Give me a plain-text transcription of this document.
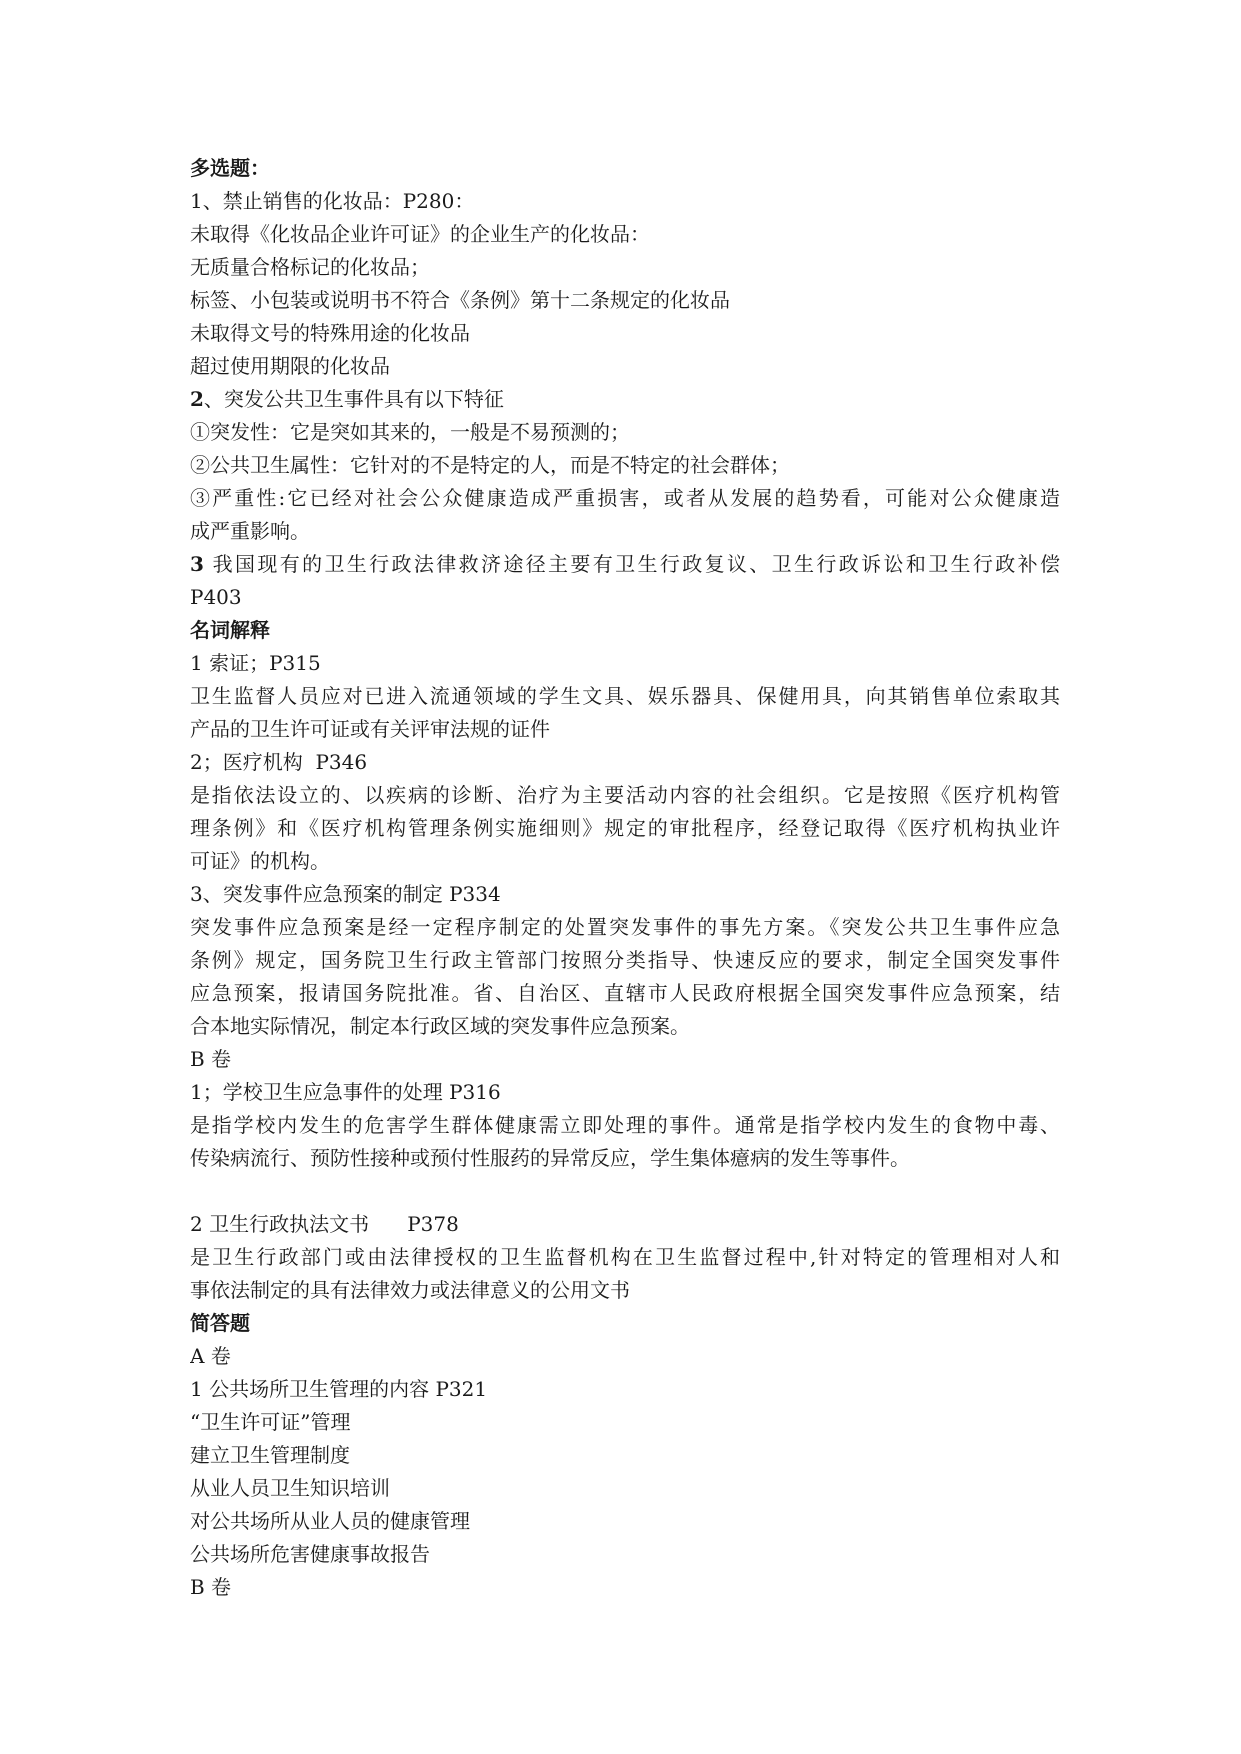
多选题：
1、禁止销售的化妆品：P280：
未取得《化妆品企业许可证》的企业生产的化妆品：
无质量合格标记的化妆品；
标签、小包装或说明书不符合《条例》第十二条规定的化妆品
未取得文号的特殊用途的化妆品
超过使用期限的化妆品
2、突发公共卫生事件具有以下特征
①突发性：它是突如其来的，一般是不易预测的；
②公共卫生属性：它针对的不是特定的人，而是不特定的社会群体；
③严重性:它已经对社会公众健康造成严重损害，或者从发展的趋势看，可能对公众健康造
成严重影响。
3 我国现有的卫生行政法律救济途径主要有卫生行政复议、卫生行政诉讼和卫生行政补偿
P403
名词解释
1 索证；P315
卫生监督人员应对已进入流通领域的学生文具、娱乐器具、保健用具，向其销售单位索取其
产品的卫生许可证或有关评审法规的证件
2；医疗机构  P346
是指依法设立的、以疾病的诊断、治疗为主要活动内容的社会组织。它是按照《医疗机构管
理条例》和《医疗机构管理条例实施细则》规定的审批程序，经登记取得《医疗机构执业许
可证》的机构。
3、突发事件应急预案的制定 P334
突发事件应急预案是经一定程序制定的处置突发事件的事先方案。《突发公共卫生事件应急
条例》规定，国务院卫生行政主管部门按照分类指导、快速反应的要求，制定全国突发事件
应急预案，报请国务院批准。省、自治区、直辖市人民政府根据全国突发事件应急预案，结
合本地实际情况，制定本行政区域的突发事件应急预案。
B 卷
1；学校卫生应急事件的处理 P316
是指学校内发生的危害学生群体健康需立即处理的事件。通常是指学校内发生的食物中毒、
传染病流行、预防性接种或预付性服药的异常反应，学生集体癔病的发生等事件。
2 卫生行政执法文书      P378
是卫生行政部门或由法律授权的卫生监督机构在卫生监督过程中,针对特定的管理相对人和
事依法制定的具有法律效力或法律意义的公用文书
简答题
A 卷
1 公共场所卫生管理的内容 P321
“卫生许可证”管理
建立卫生管理制度
从业人员卫生知识培训
对公共场所从业人员的健康管理
公共场所危害健康事故报告
B 卷
